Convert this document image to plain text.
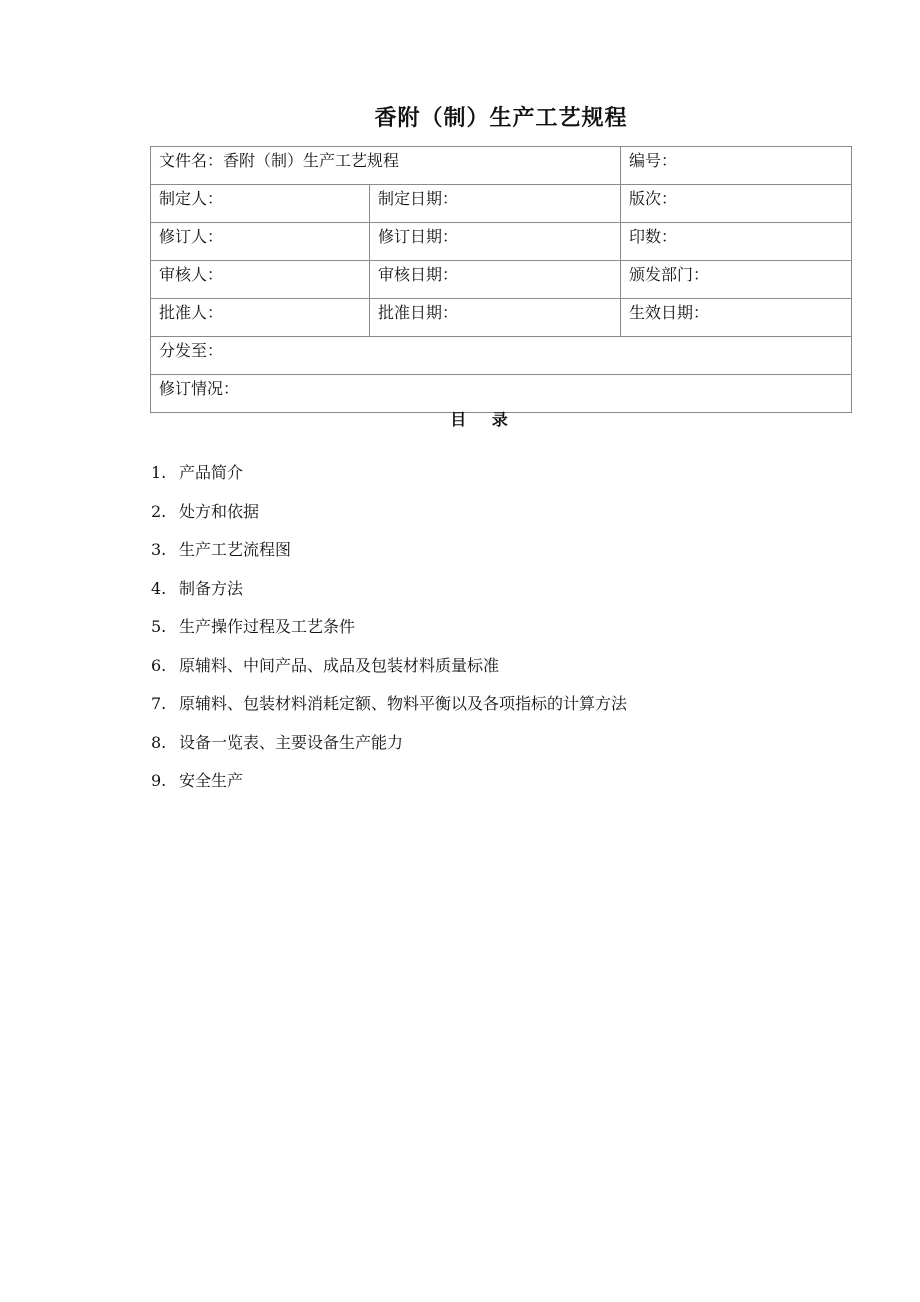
香附（制）生产工艺规程
文件名：香附（制）生产工艺规程		编号：
制定人：	制定日期：	版次：
修订人：	修订日期：	印数：
审核人：	审核日期：	颁发部门：
批准人：	批准日期：	生效日期：
分发至：		
修订情况：		
目 录
1. 产品简介
2. 处方和依据
3. 生产工艺流程图
4. 制备方法
5. 生产操作过程及工艺条件
6. 原辅料、中间产品、成品及包装材料质量标准
7. 原辅料、包装材料消耗定额、物料平衡以及各项指标的计算方法
8. 设备一览表、主要设备生产能力
9. 安全生产
